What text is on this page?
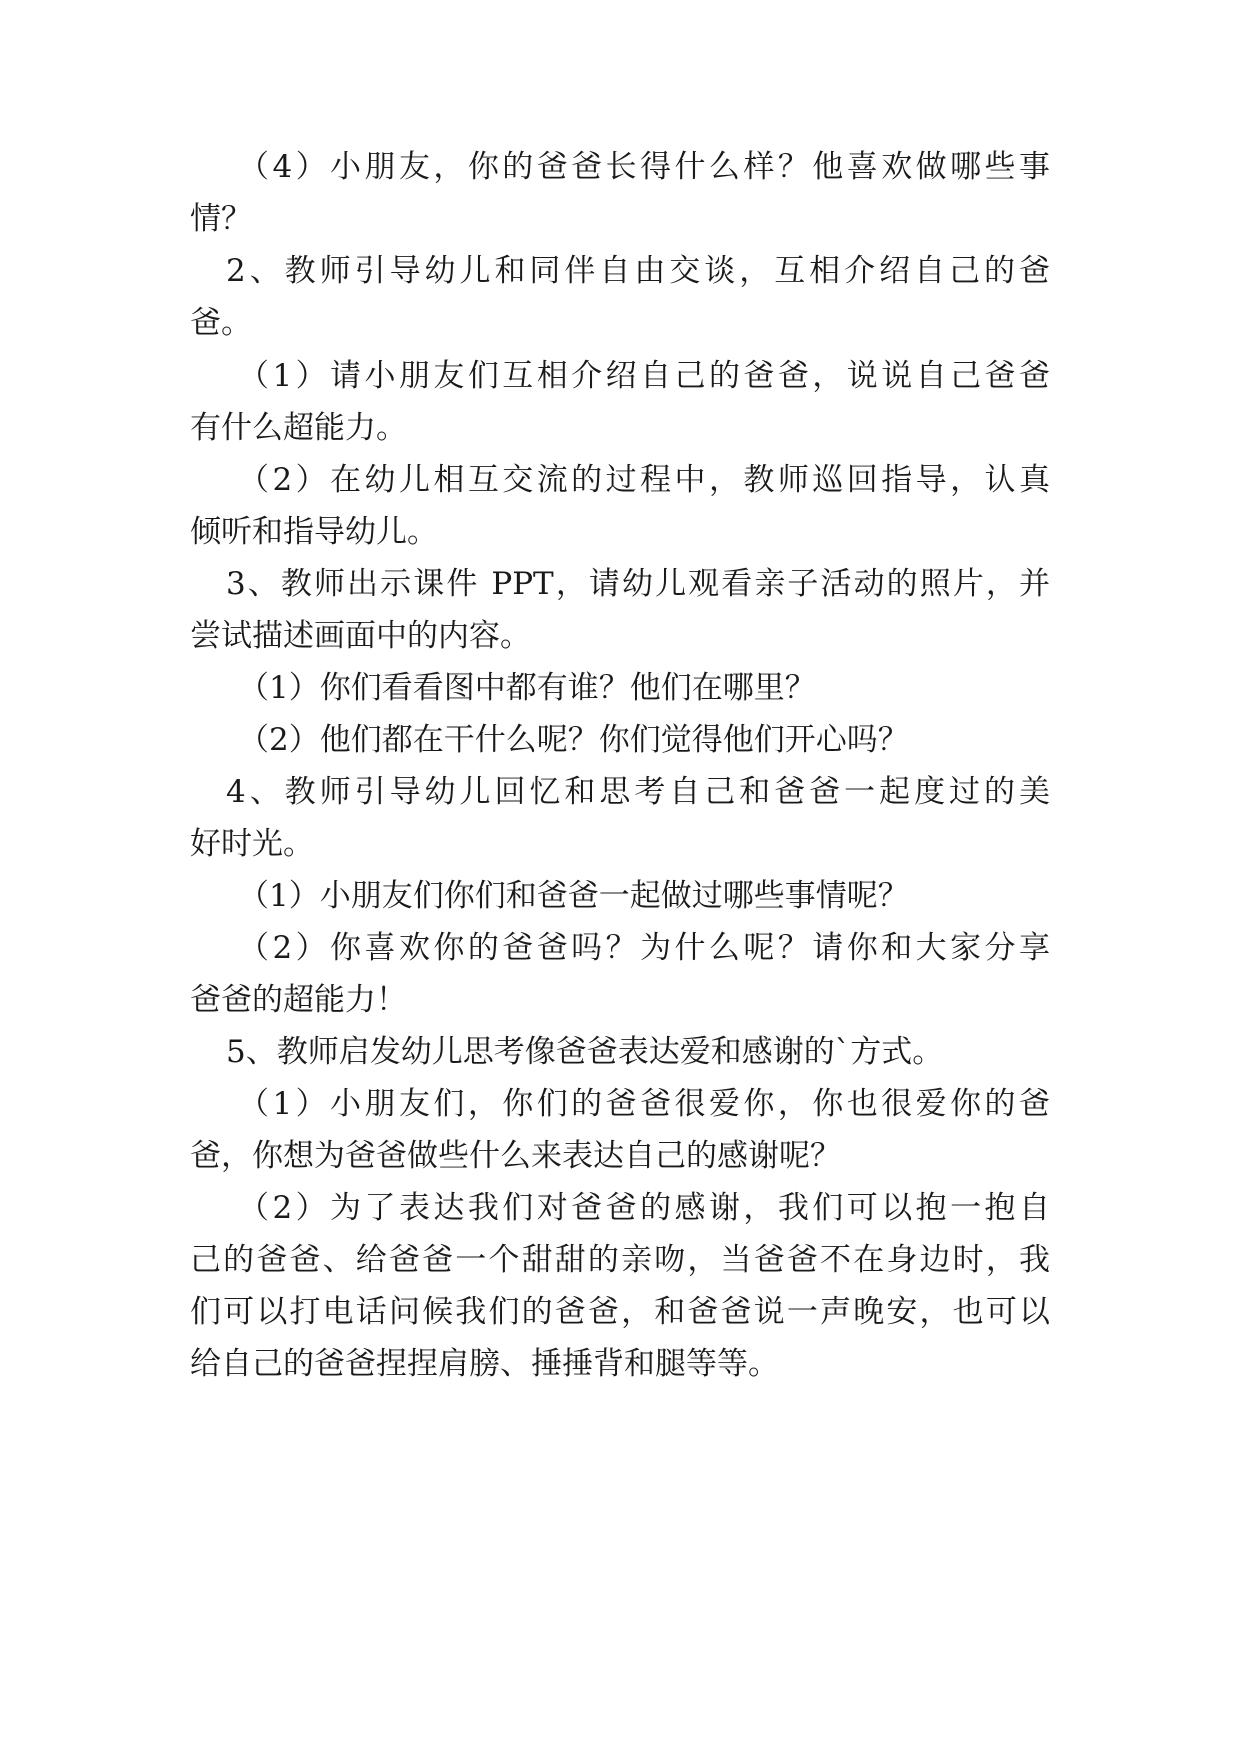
（4）小朋友，你的爸爸长得什么样？他喜欢做哪些事
情？
2、教师引导幼儿和同伴自由交谈，互相介绍自己的爸
爸。
（1）请小朋友们互相介绍自己的爸爸，说说自己爸爸
有什么超能力。
（2）在幼儿相互交流的过程中，教师巡回指导，认真
倾听和指导幼儿。
3、教师出示课件 PPT，请幼儿观看亲子活动的照片，并
尝试描述画面中的内容。
（1）你们看看图中都有谁？他们在哪里？
（2）他们都在干什么呢？你们觉得他们开心吗？
4、教师引导幼儿回忆和思考自己和爸爸一起度过的美
好时光。
（1）小朋友们你们和爸爸一起做过哪些事情呢？
（2）你喜欢你的爸爸吗？为什么呢？请你和大家分享
爸爸的超能力！
5、教师启发幼儿思考像爸爸表达爱和感谢的`方式。
（1）小朋友们，你们的爸爸很爱你，你也很爱你的爸
爸，你想为爸爸做些什么来表达自己的感谢呢？
（2）为了表达我们对爸爸的感谢，我们可以抱一抱自
己的爸爸、给爸爸一个甜甜的亲吻，当爸爸不在身边时，我
们可以打电话问候我们的爸爸，和爸爸说一声晚安，也可以
给自己的爸爸捏捏肩膀、捶捶背和腿等等。
